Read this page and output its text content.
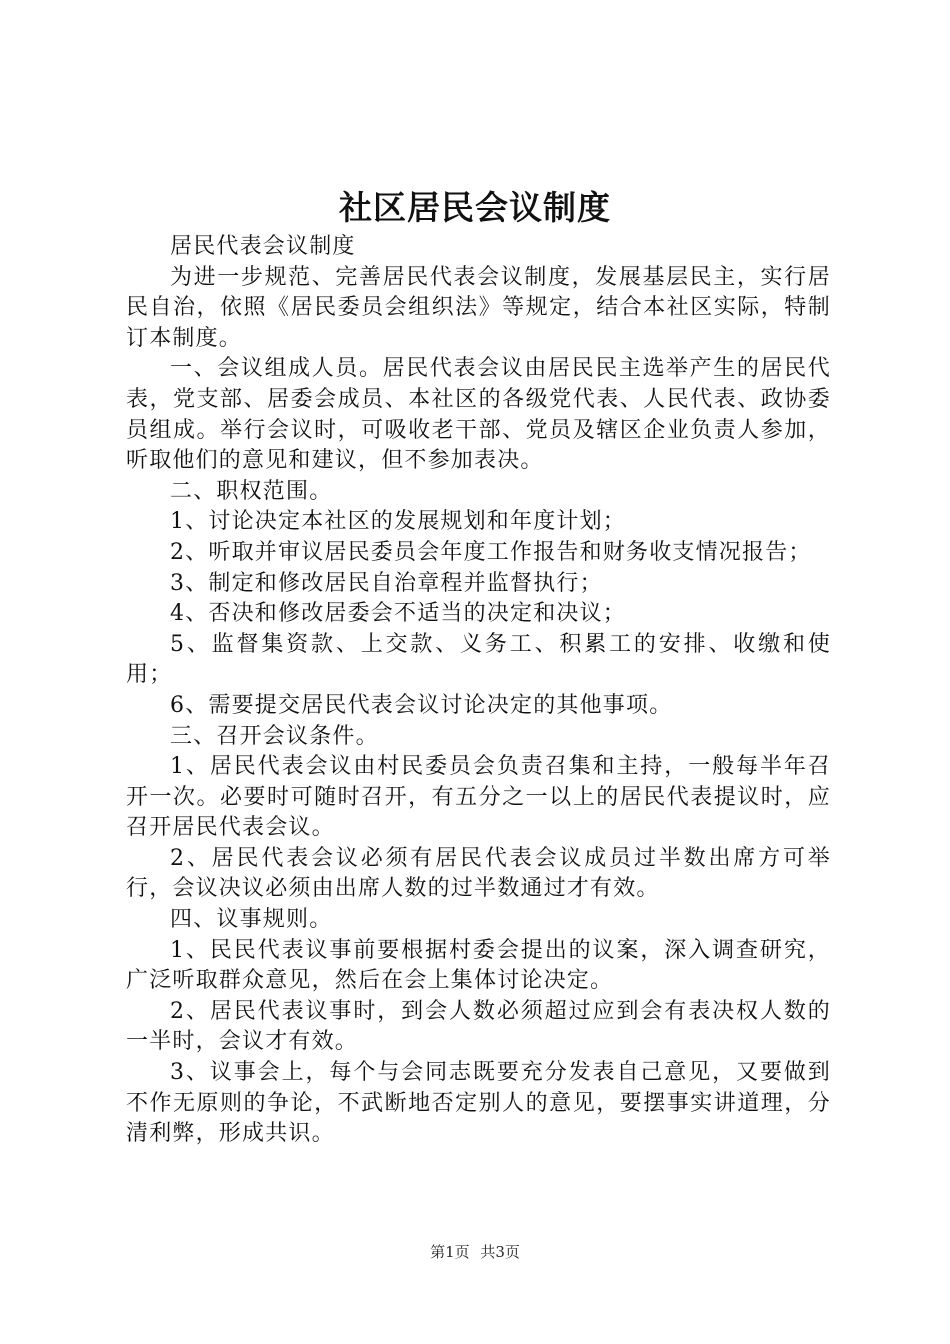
社区居民会议制度

居民代表会议制度

为进一步规范、完善居民代表会议制度，发展基层民主，实行居民自治，依照《居民委员会组织法》等规定，结合本社区实际，特制订本制度。

一、会议组成人员。居民代表会议由居民民主选举产生的居民代表，党支部、居委会成员、本社区的各级党代表、人民代表、政协委员组成。举行会议时，可吸收老干部、党员及辖区企业负责人参加，听取他们的意见和建议，但不参加表决。

二、职权范围。

1、讨论决定本社区的发展规划和年度计划；

2、听取并审议居民委员会年度工作报告和财务收支情况报告；

3、制定和修改居民自治章程并监督执行；

4、否决和修改居委会不适当的决定和决议；

5、监督集资款、上交款、义务工、积累工的安排、收缴和使用；

6、需要提交居民代表会议讨论决定的其他事项。

三、召开会议条件。

1、居民代表会议由村民委员会负责召集和主持，一般每半年召开一次。必要时可随时召开，有五分之一以上的居民代表提议时，应召开居民代表会议。

2、居民代表会议必须有居民代表会议成员过半数出席方可举行，会议决议必须由出席人数的过半数通过才有效。

四、议事规则。

1、民民代表议事前要根据村委会提出的议案，深入调查研究，广泛听取群众意见，然后在会上集体讨论决定。

2、居民代表议事时，到会人数必须超过应到会有表决权人数的一半时，会议才有效。

3、议事会上，每个与会同志既要充分发表自己意见，又要做到不作无原则的争论，不武断地否定别人的意见，要摆事实讲道理，分清利弊，形成共识。

第1页 共3页
